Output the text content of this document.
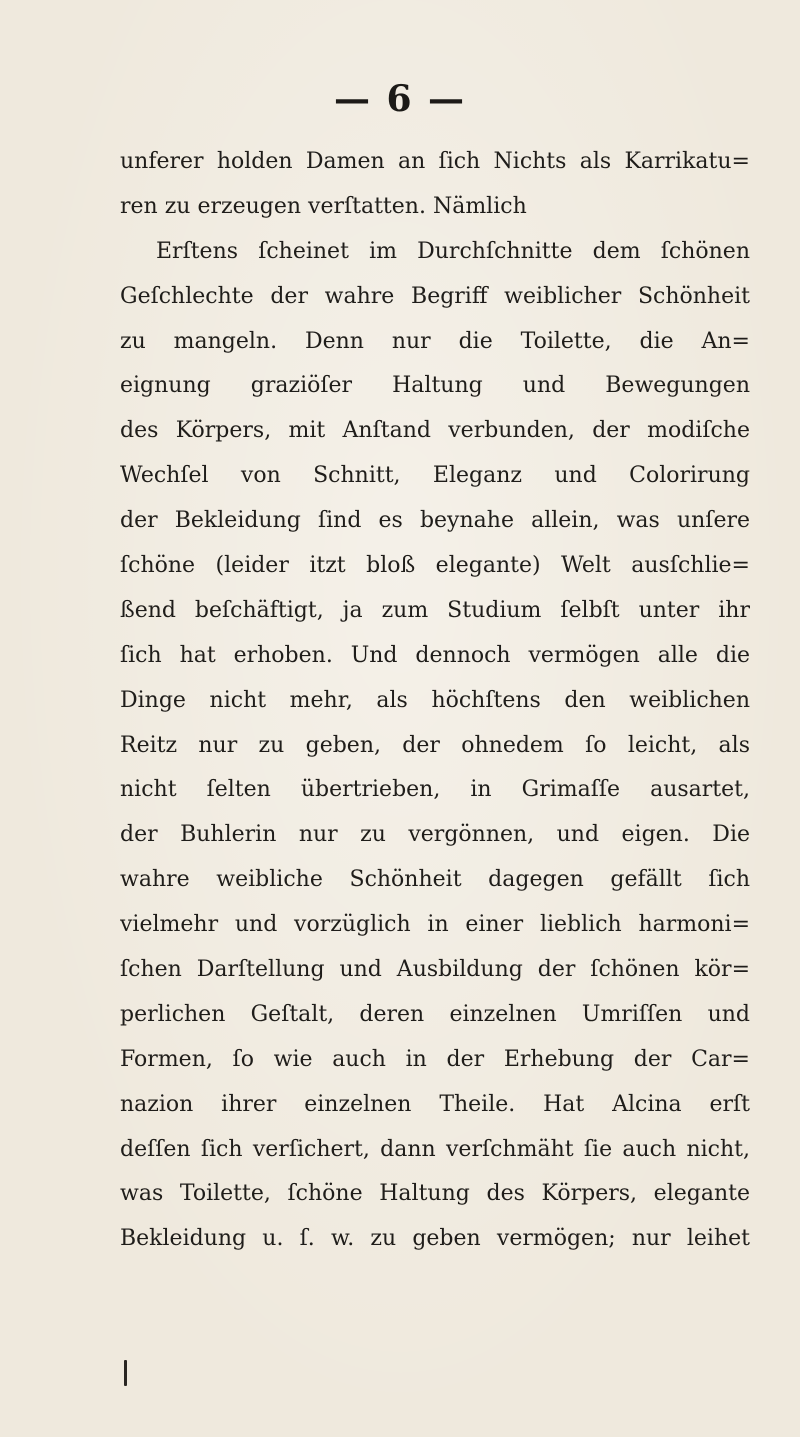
— 6 —
unferer holden Damen an ſich Nichts als Karrikatu=
ren zu erzeugen verſtatten. Nämlich
Erſtens ſcheinet im Durchſchnitte dem ſchönen
Geſchlechte der wahre Begriff weiblicher Schönheit
zu mangeln. Denn nur die Toilette, die An=
eignung graziöſer Haltung und Bewegungen
des Körpers, mit Anſtand verbunden, der modiſche
Wechſel von Schnitt, Eleganz und Colorirung
der Bekleidung ſind es beynahe allein, was unſere
ſchöne (leider itzt bloß elegante) Welt ausſchlie=
ßend beſchäftigt, ja zum Studium ſelbſt unter ihr
ſich hat erhoben. Und dennoch vermögen alle die
Dinge nicht mehr, als höchſtens den weiblichen
Reitz nur zu geben, der ohnedem ſo leicht, als
nicht ſelten übertrieben, in Grimaſſe ausartet,
der Buhlerin nur zu vergönnen, und eigen. Die
wahre weibliche Schönheit dagegen gefällt ſich
vielmehr und vorzüglich in einer lieblich harmoni=
ſchen Darſtellung und Ausbildung der ſchönen kör=
perlichen Geſtalt, deren einzelnen Umriſſen und
Formen, ſo wie auch in der Erhebung der Car=
nazion ihrer einzelnen Theile. Hat Alcina erſt
deſſen ſich verſichert, dann verſchmäht ſie auch nicht,
was Toilette, ſchöne Haltung des Körpers, elegante
Bekleidung u. ſ. w. zu geben vermögen; nur leihet
